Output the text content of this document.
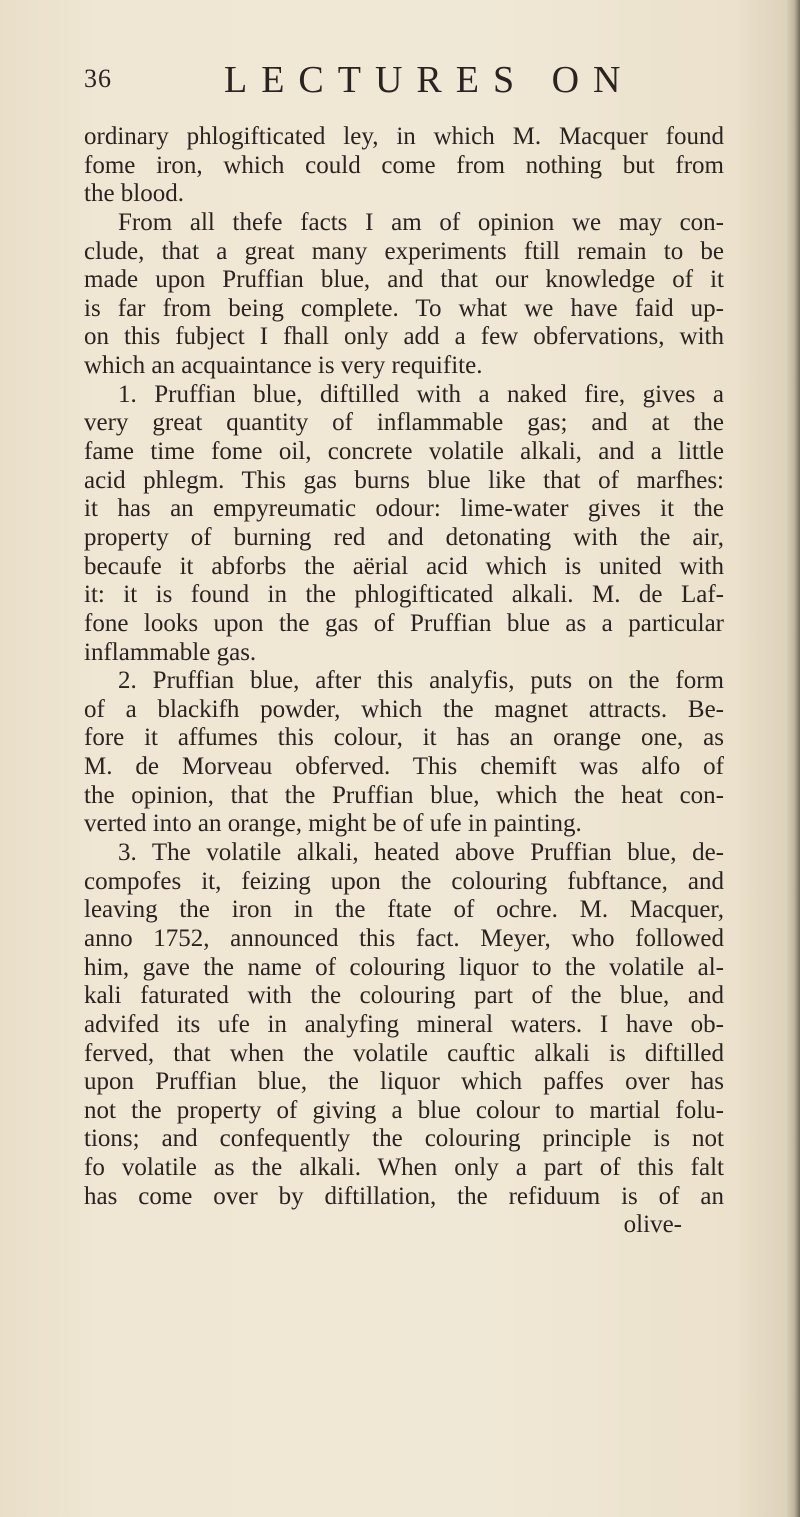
36	LECTURES ON
ordinary phlogifticated ley, in which M. Macquer found
fome iron, which could come from nothing but from
the blood.
From all thefe facts I am of opinion we may con-
clude, that a great many experiments ftill remain to be
made upon Pruffian blue, and that our knowledge of it
is far from being complete. To what we have faid up-
on this fubject I fhall only add a few obfervations, with
which an acquaintance is very requifite.
1. Pruffian blue, diftilled with a naked fire, gives a
very great quantity of inflammable gas; and at the
fame time fome oil, concrete volatile alkali, and a little
acid phlegm. This gas burns blue like that of marfhes:
it has an empyreumatic odour: lime-water gives it the
property of burning red and detonating with the air,
becaufe it abforbs the aërial acid which is united with
it: it is found in the phlogifticated alkali. M. de Laf-
fone looks upon the gas of Pruffian blue as a particular
inflammable gas.
2. Pruffian blue, after this analyfis, puts on the form
of a blackifh powder, which the magnet attracts. Be-
fore it affumes this colour, it has an orange one, as
M. de Morveau obferved. This chemift was alfo of
the opinion, that the Pruffian blue, which the heat con-
verted into an orange, might be of ufe in painting.
3. The volatile alkali, heated above Pruffian blue, de-
compofes it, feizing upon the colouring fubftance, and
leaving the iron in the ftate of ochre. M. Macquer,
anno 1752, announced this fact. Meyer, who followed
him, gave the name of colouring liquor to the volatile al-
kali faturated with the colouring part of the blue, and
advifed its ufe in analyfing mineral waters. I have ob-
ferved, that when the volatile cauftic alkali is diftilled
upon Pruffian blue, the liquor which paffes over has
not the property of giving a blue colour to martial folu-
tions; and confequently the colouring principle is not
fo volatile as the alkali. When only a part of this falt
has come over by diftillation, the refiduum is of an
olive-
